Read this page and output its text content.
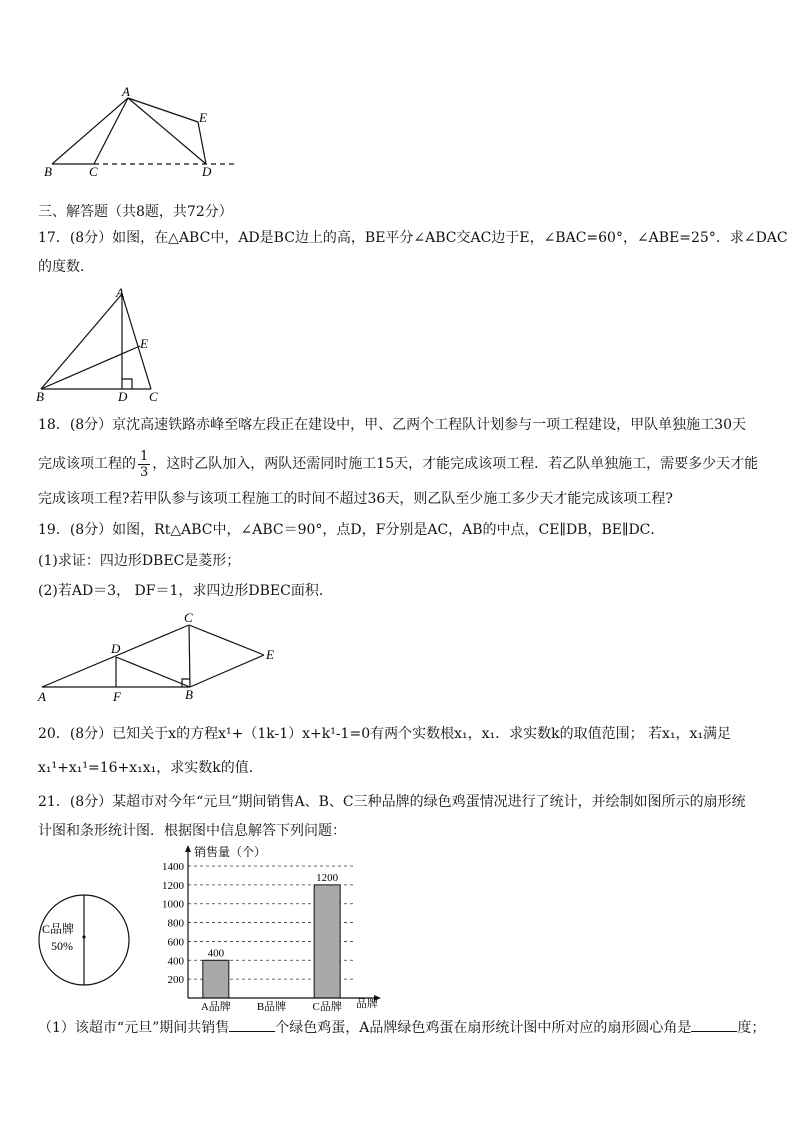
A
B	C	D
E
三、解答题（共8题，共72分）
17．(8分）如图，在△ABC中，AD是BC边上的高，BE平分∠ABC交AC边于E，∠BAC=60°，∠ABE=25°．求∠DAC
的度数．
A
B	D C
E
18．(8分）京沈高速铁路赤峰至喀左段正在建设中，甲、乙两个工程队计划参与一项工程建设，甲队单独施工30天
完成该项工程的 $\frac{1}{3}$ ，这时乙队加入，两队还需同时施工15天，才能完成该项工程．若乙队单独施工，需要多少天才能
完成该项工程?若甲队参与该项工程施工的时间不超过36天，则乙队至少施工多少天才能完成该项工程?
19．(8分）如图，Rt△ABC中，∠ABC＝90°，点D，F分别是AC，AB的中点，CE∥DB，BE∥DC．
(1)求证：四边形DBEC是菱形；
(2)若AD＝3， DF＝1，求四边形DBEC面积．
A	F	B
D
C
E
20．(8分）已知关于x的方程x¹+（1k-1）x+k¹-1=0有两个实数根x₁，x₁．求实数k的取值范围； 若x₁，x₁满足
x₁¹+x₁¹=16+x₁x₁，求实数k的值．
21．(8分）某超市对今年“元旦”期间销售A、B、C三种品牌的绿色鸡蛋情况进行了统计，并绘制如图所示的扇形统
计图和条形统计图．根据图中信息解答下列问题：
C品牌
50%
200
400
600
800
1000
1200
1400
A品牌
400
B品牌 C品牌
1200
销售量（个）
品牌
（1）该超市“元旦”期间共销售	个绿色鸡蛋，A品牌绿色鸡蛋在扇形统计图中所对应的扇形圆心角是	度；
